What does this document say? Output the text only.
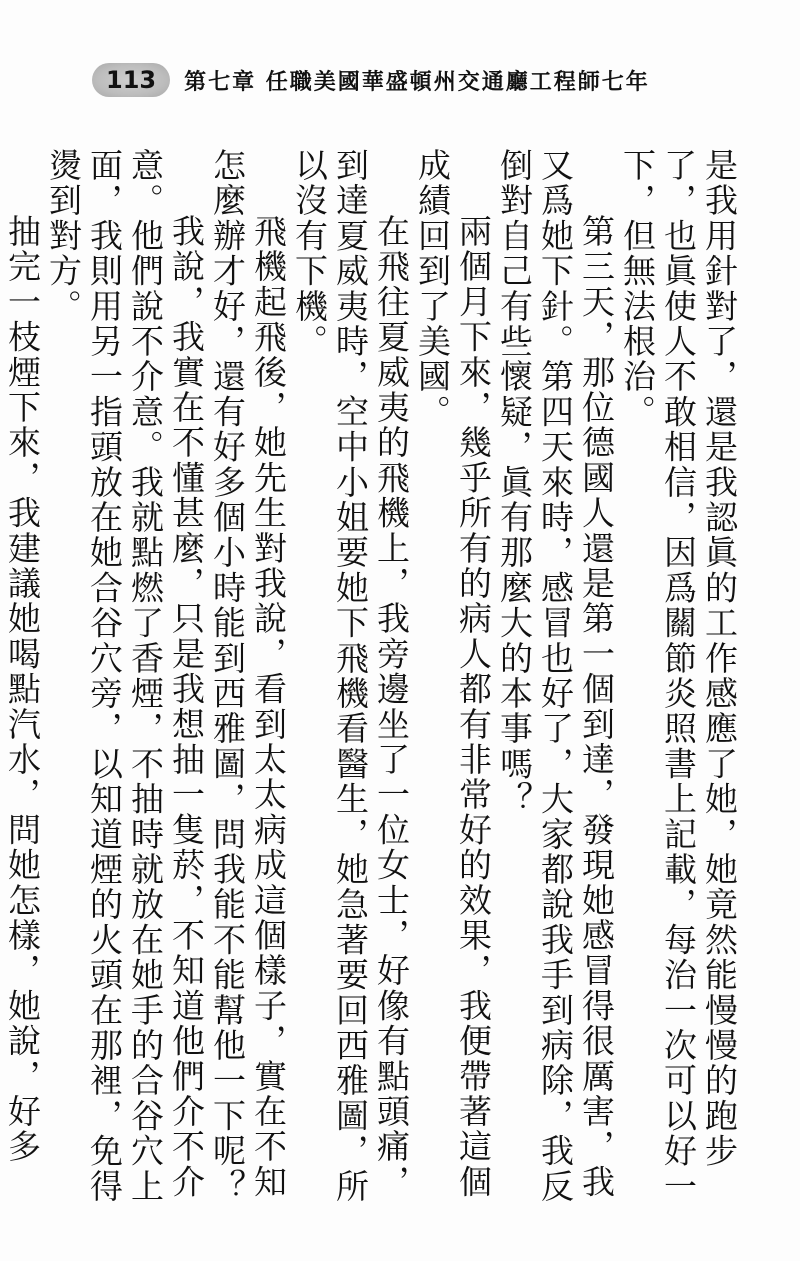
113	第七章 任職美國華盛頓州交通廳工程師七年

是我用針對了，還是我認眞的工作感應了她，她竟然能慢慢的跑步了，也眞使人不敢相信，因爲關節炎照書上記載，每治一次可以好一下，但無法根治。

第三天，那位德國人還是第一個到達，發現她感冒得很厲害，我又爲她下針。第四天來時，感冒也好了，大家都說我手到病除，我反倒對自己有些懷疑，眞有那麼大的本事嗎？

兩個月下來，幾乎所有的病人都有非常好的效果，我便帶著這個成績回到了美國。

在飛往夏威夷的飛機上，我旁邊坐了一位女士，好像有點頭痛，到達夏威夷時，空中小姐要她下飛機看醫生，她急著要回西雅圖，所以沒有下機。

飛機起飛後，她先生對我說，看到太太病成這個樣子，實在不知怎麼辦才好，還有好多個小時能到西雅圖，問我能不能幫他一下呢？

我說，我實在不懂甚麼，只是我想抽一隻菸，不知道他們介不介意。他們說不介意。我就點燃了香煙，不抽時就放在她手的合谷穴上面，我則用另一指頭放在她合谷穴旁，以知道煙的火頭在那裡，免得燙到對方。

抽完一枝煙下來，我建議她喝點汽水，問她怎樣，她說，好多
